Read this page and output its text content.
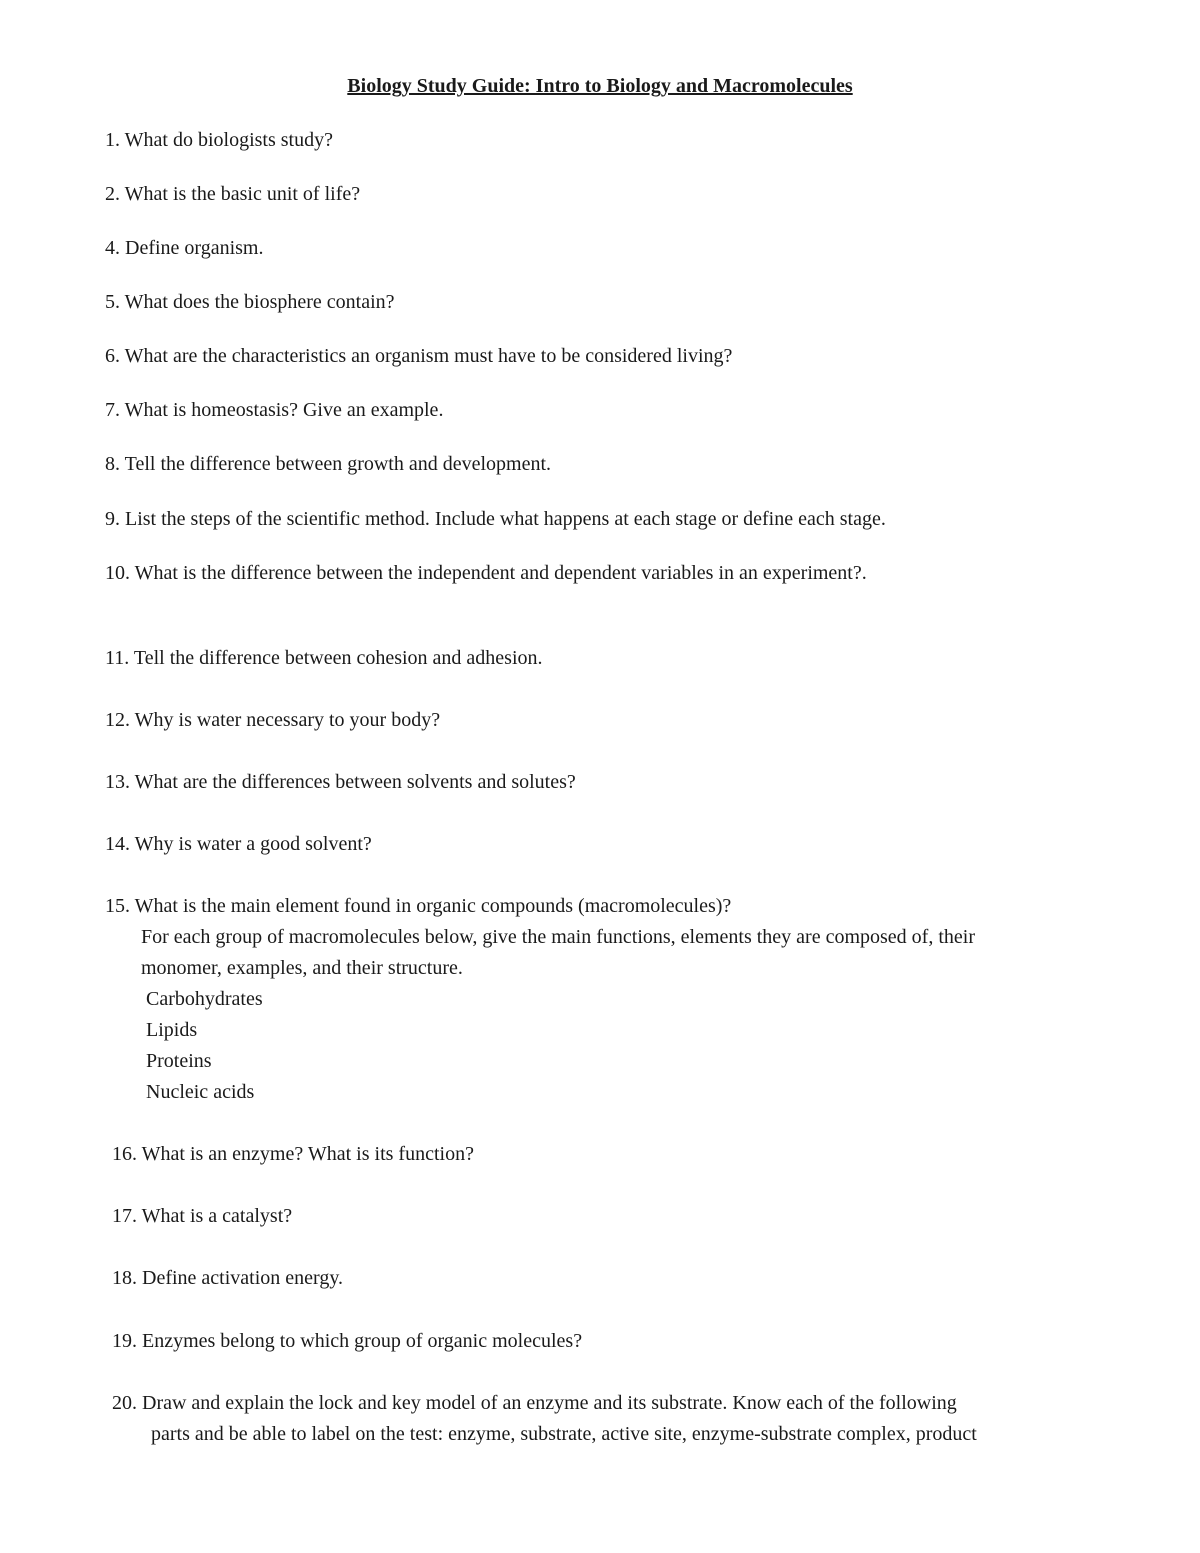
Biology Study Guide: Intro to Biology and Macromolecules
1. What do biologists study?
2. What is the basic unit of life?
4. Define organism.
5. What does the biosphere contain?
6. What are the characteristics an organism must have to be considered living?
7. What is homeostasis? Give an example.
8. Tell the difference between growth and development.
9. List the steps of the scientific method. Include what happens at each stage or define each stage.
10. What is the difference between the independent and dependent variables in an experiment?.
11. Tell the difference between cohesion and adhesion.
12. Why is water necessary to your body?
13. What are the differences between solvents and solutes?
14. Why is water a good solvent?
15. What is the main element found in organic compounds (macromolecules)?
For each group of macromolecules below, give the main functions, elements they are composed of, their
monomer, examples, and their structure.
Carbohydrates
Lipids
Proteins
Nucleic acids
16. What is an enzyme? What is its function?
17. What is a catalyst?
18. Define activation energy.
19. Enzymes belong to which group of organic molecules?
20. Draw and explain the lock and key model of an enzyme and its substrate. Know each of the following
parts and be able to label on the test: enzyme, substrate, active site, enzyme-substrate complex, product
